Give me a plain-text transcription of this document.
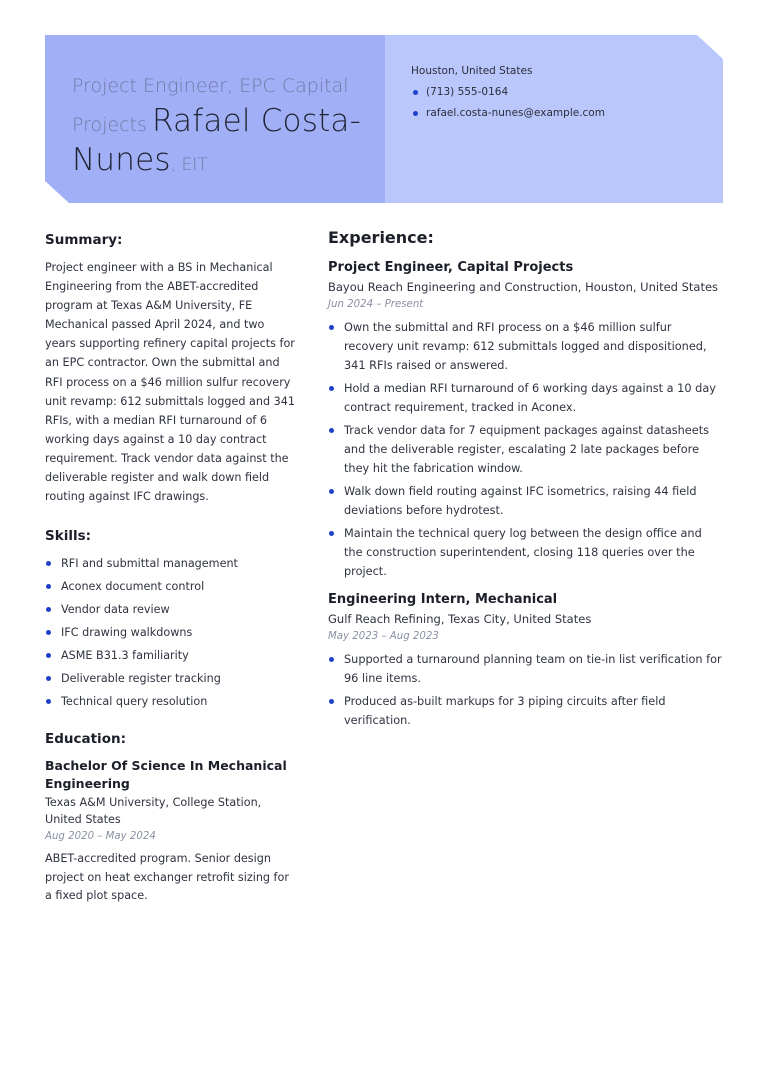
Project Engineer, EPC Capital Projects Rafael Costa-Nunes, EIT
Houston, United States
(713) 555-0164
rafael.costa-nunes@example.com
Summary:

Project engineer with a BS in Mechanical Engineering from the ABET-accredited program at Texas A&M University, FE Mechanical passed April 2024, and two years supporting refinery capital projects for an EPC contractor. Own the submittal and RFI process on a $46 million sulfur recovery unit revamp: 612 submittals logged and 341 RFIs, with a median RFI turnaround of 6 working days against a 10 day contract requirement. Track vendor data against the deliverable register and walk down field routing against IFC drawings.

Skills:
RFI and submittal management
Aconex document control
Vendor data review
IFC drawing walkdowns
ASME B31.3 familiarity
Deliverable register tracking
Technical query resolution
Education:
Bachelor Of Science In Mechanical Engineering
Texas A&M University, College Station, United States
Aug 2020 – May 2024
ABET-accredited program. Senior design project on heat exchanger retrofit sizing for a fixed plot space.
Experience:
Project Engineer, Capital Projects
Bayou Reach Engineering and Construction, Houston, United States
Jun 2024 – Present
Own the submittal and RFI process on a $46 million sulfur recovery unit revamp: 612 submittals logged and dispositioned, 341 RFIs raised or answered.
Hold a median RFI turnaround of 6 working days against a 10 day contract requirement, tracked in Aconex.
Track vendor data for 7 equipment packages against datasheets and the deliverable register, escalating 2 late packages before they hit the fabrication window.
Walk down field routing against IFC isometrics, raising 44 field deviations before hydrotest.
Maintain the technical query log between the design office and the construction superintendent, closing 118 queries over the project.
Engineering Intern, Mechanical
Gulf Reach Refining, Texas City, United States
May 2023 – Aug 2023
Supported a turnaround planning team on tie-in list verification for 96 line items.
Produced as-built markups for 3 piping circuits after field verification.
